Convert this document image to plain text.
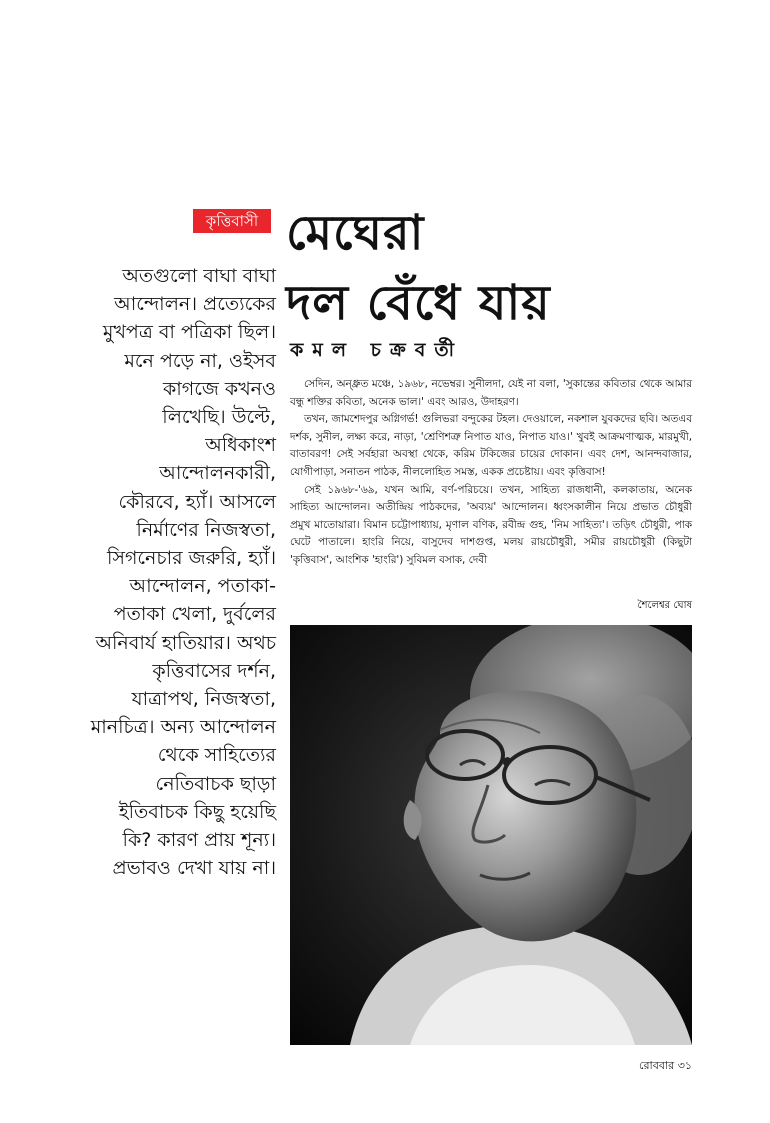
কৃত্তিবাসী মেঘেরা
দল বেঁধে যায়
কমল চক্রবর্তী
অতগুলো বাঘা বাঘা
আন্দোলন। প্রত্যেকের
মুখপত্র বা পত্রিকা ছিল।
মনে পড়ে না, ওইসব
কাগজে কখনও
লিখেছি। উল্টে,
অধিকাংশ
আন্দোলনকারী,
কৌরবে, হ্যাঁ। আসলে
নির্মাণের নিজস্বতা,
সিগনেচার জরুরি, হ্যাঁ।
আন্দোলন, পতাকা-
পতাকা খেলা, দুর্বলের
অনিবার্য হাতিয়ার। অথচ
কৃত্তিবাসের দর্শন,
যাত্রাপথ, নিজস্বতা,
মানচিত্র। অন্য আন্দোলন
থেকে সাহিত্যের
নেতিবাচক ছাড়া
ইতিবাচক কিছু হয়েছি
কি? কারণ প্রায় শূন্য।
প্রভাবও দেখা যায় না।

সেদিন, অন্ধ্রুত মঞ্চে, ১৯৬৮, নভেম্বর। সুনীলদা, যেই না বলা, 'সুকান্তের কবিতার থেকে আমার বন্ধু শক্তির কবিতা, অনেক ভাল।' এবং আরও, উদাহরণ।

তখন, জামশেদপুর অগ্নিগর্ভ! গুলিভরা বন্দুকের টহল। দেওয়ালে, নকশাল যুবকদের ছবি। অতএব দর্শক, সুনীল, লক্ষ্য করে, নাড়া, 'শ্রেণিশত্রু নিপাত যাও, নিপাত যাও।' খুবই আক্রমণাত্মক, মারমুখী, বাতাবরণ! সেই সর্বহারা অবস্থা থেকে, করিম টকিজের চায়ের দোকান। এবং দেশ, আনন্দবাজার, যোগীপাড়া, সনাতন পাঠক, নীললোহিত সমস্ত, একক প্রচেষ্টায়। এবং কৃত্তিবাস!

সেই ১৯৬৮-'৬৯, যখন আমি, বর্ণ-পরিচয়ে। তখন, সাহিত্য রাজধানী, কলকাতায়, অনেক সাহিত্য আন্দোলন। অতীন্দ্রিয় পাঠকদের, 'অব্যয়' আন্দোলন। ধ্বংসকালীন নিয়ে প্রভাত চৌধুরী প্রমুখ মাতোয়ারা। বিমান চট্টোপাধ্যায়, মৃণাল বণিক, রবীন্দ্র গুহ, 'নিম সাহিত্য'। তড়িৎ চৌধুরী, পাক ঘেটে পাতালে। হাংরি নিয়ে, বাসুদেব দাশগুপ্ত, মলয় রায়চৌধুরী, সমীর রায়চৌধুরী (কিছুটা 'কৃত্তিবাস', আংশিক 'হাংরি') সুবিমল বসাক, দেবী

শৈলেশ্বর ঘোষ
রোববার ৩১
